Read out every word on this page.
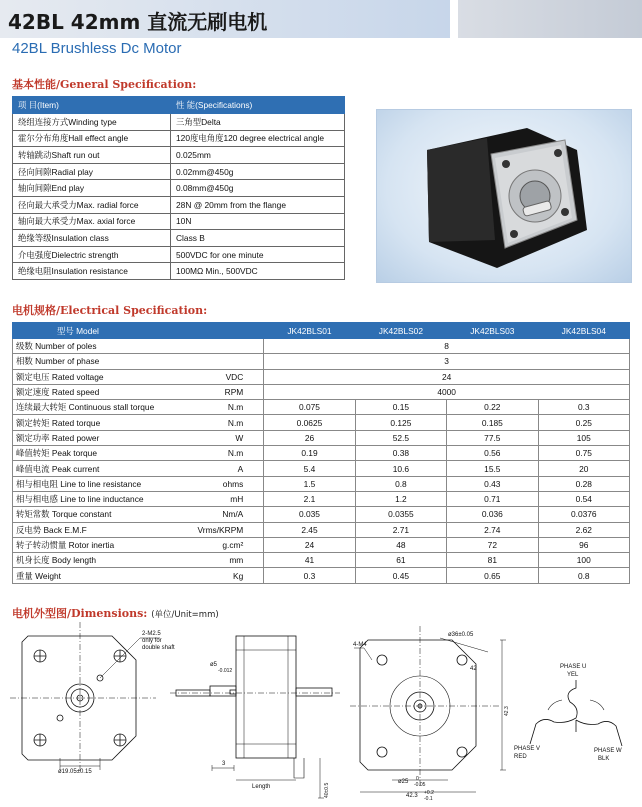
42BL 42mm 直流无刷电机
42BL Brushless Dc Motor
基本性能/General Specification:
项 目(Item)	性 能(Specifications)
绕组连接方式Winding type	三角型Delta
霍尔分布角度Hall effect angle	120度电角度120 degree electrical angle
转轴跳动Shaft run out	0.025mm
径向间隙Radial play	0.02mm@450g
轴向间隙End play	0.08mm@450g
径向最大承受力Max. radial force	28N @ 20mm from the flange
轴向最大承受力Max. axial force	10N
绝缘等级Insulation class	Class B
介电强度Dielectric strength	500VDC for one minute
绝缘电阻Insulation resistance	100MΩ Min., 500VDC
电机规格/Electrical Specification:
型号 Model		JK42BLS01	JK42BLS02	JK42BLS03	JK42BLS04
级数 Number of poles		8			
相数 Number of phase		3			
额定电压 Rated voltage	VDC	24			
额定速度 Rated speed	RPM	4000			
连续最大转矩 Continuous stall torque	N.m	0.075	0.15	0.22	0.3
额定转矩 Rated torque	N.m	0.0625	0.125	0.185	0.25
额定功率 Rated power	W	26	52.5	77.5	105
峰值转矩 Peak torque	N.m	0.19	0.38	0.56	0.75
峰值电流 Peak current	A	5.4	10.6	15.5	20
相与相电阻 Line to line resistance	ohms	1.5	0.8	0.43	0.28
相与相电感 Line to line inductance	mH	2.1	1.2	0.71	0.54
转矩常数 Torque constant	Nm/A	0.035	0.0355	0.036	0.0376
反电势 Back E.M.F	Vrms/KRPM	2.45	2.71	2.74	2.62
转子转动惯量 Rotor inertia	g.cm²	24	48	72	96
机身长度 Body length	mm	41	61	81	100
重量 Weight	Kg	0.3	0.45	0.65	0.8
电机外型图/Dimensions: (单位/Unit=mm)
2-M2.5
only for
double shaft
ø19.05±0.15
ø5
-0.012
3
Length	40±0.5
4-M4
ø36±0.05
42
ø25 0
-0.05
42.3 +0.2
-0.1
42.3
PHASE U
YEL
PHASE V
RED
PHASE W
BLK
